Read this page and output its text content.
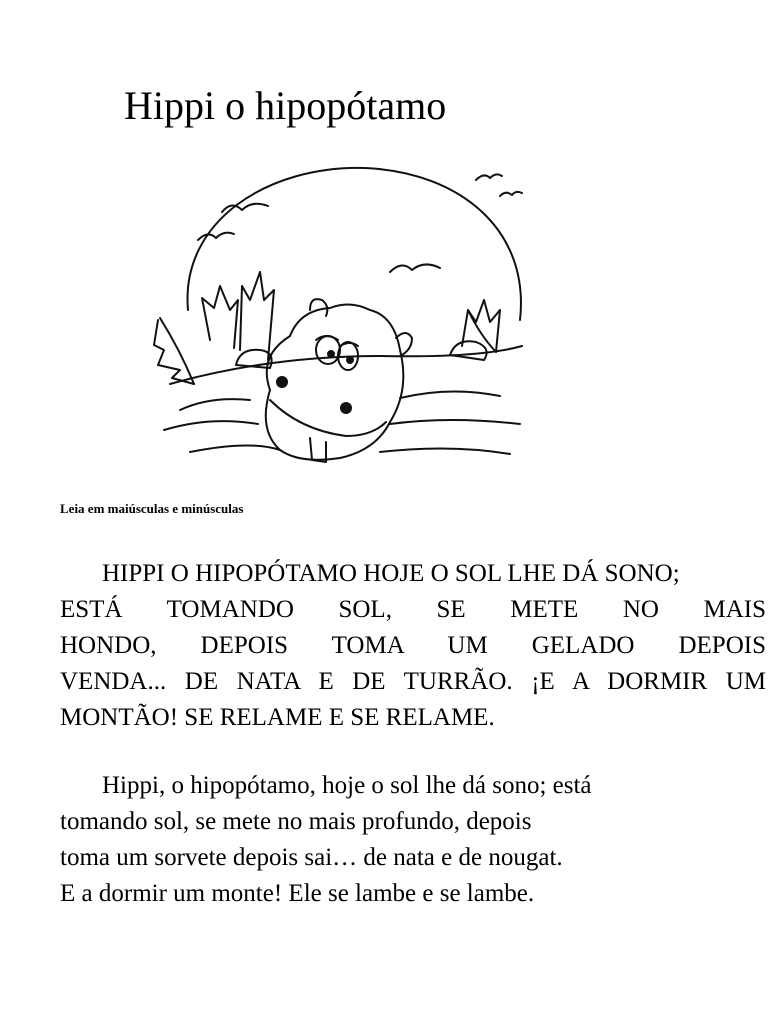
Hippi o hipopótamo
Leia em maiúsculas e minúsculas
HIPPI O HIPOPÓTAMO HOJE O SOL LHE DÁ SONO;
ESTÁ TOMANDO SOL, SE METE NO MAIS
HONDO, DEPOIS TOMA UM GELADO DEPOIS
VENDA... DE NATA E DE TURRÃO. ¡E A DORMIR UM
MONTÃO! SE RELAME E SE RELAME.
Hippi, o hipopótamo, hoje o sol lhe dá sono; está
tomando sol, se mete no mais profundo, depois
toma um sorvete depois sai… de nata e de nougat.
E a dormir um monte! Ele se lambe e se lambe.
